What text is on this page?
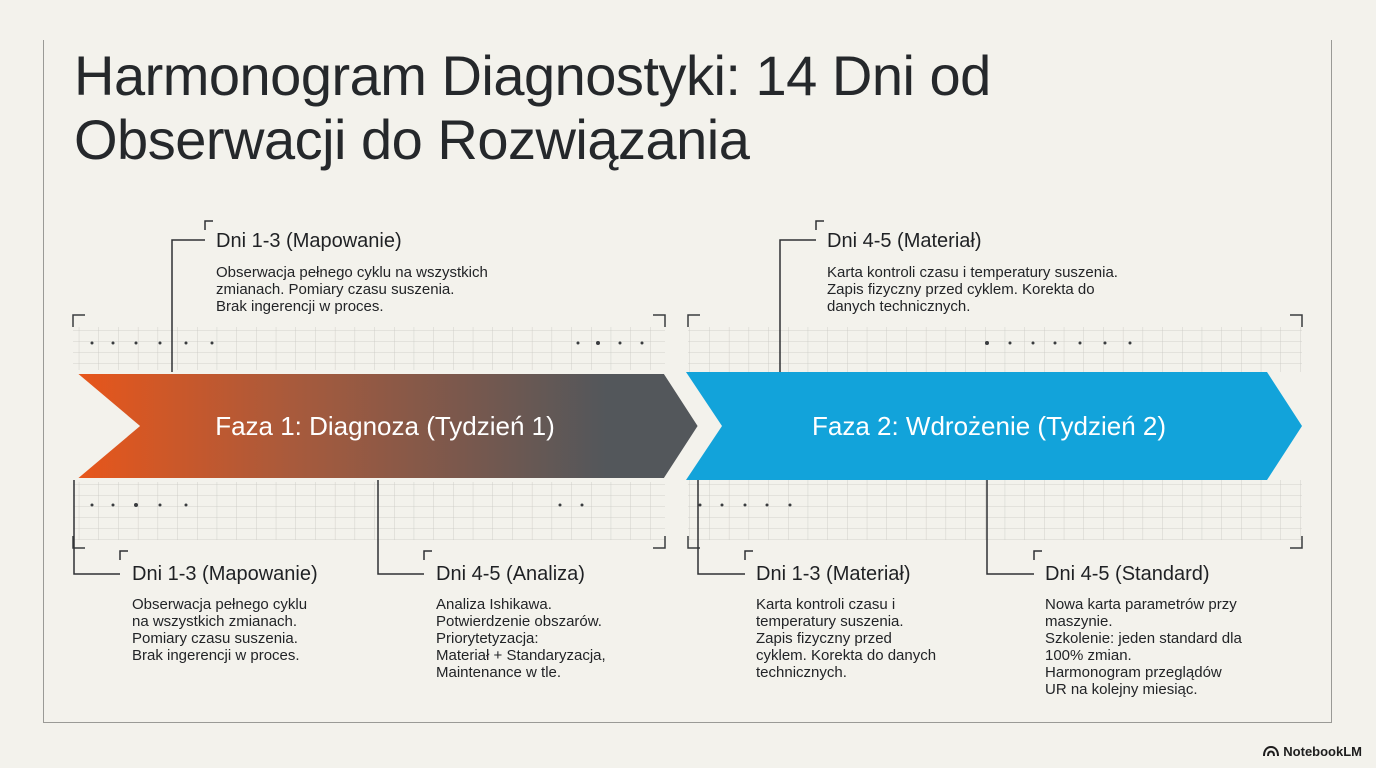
Harmonogram Diagnostyki: 14 Dni od
Obserwacji do Rozwiązania
Faza 1: Diagnoza (Tydzień 1)	Faza 2: Wdrożenie (Tydzień 2)
Dni 1-3 (Mapowanie)
Obserwacja pełnego cyklu na wszystkich
zmianach. Pomiary czasu suszenia.
Brak ingerencji w proces.
Dni 4-5 (Materiał)
Karta kontroli czasu i temperatury suszenia.
Zapis fizyczny przed cyklem. Korekta do
danych technicznych.
Dni 1-3 (Mapowanie)
Obserwacja pełnego cyklu
na wszystkich zmianach.
Pomiary czasu suszenia.
Brak ingerencji w proces.
Dni 4-5 (Analiza)
Analiza Ishikawa.
Potwierdzenie obszarów.
Priorytetyzacja:
Materiał + Standaryzacja,
Maintenance w tle.
Dni 1-3 (Materiał)
Karta kontroli czasu i
temperatury suszenia.
Zapis fizyczny przed
cyklem. Korekta do danych
technicznych.
Dni 4-5 (Standard)
Nowa karta parametrów przy
maszynie.
Szkolenie: jeden standard dla
100% zmian.
Harmonogram przeglądów
UR na kolejny miesiąc.
NotebookLM
